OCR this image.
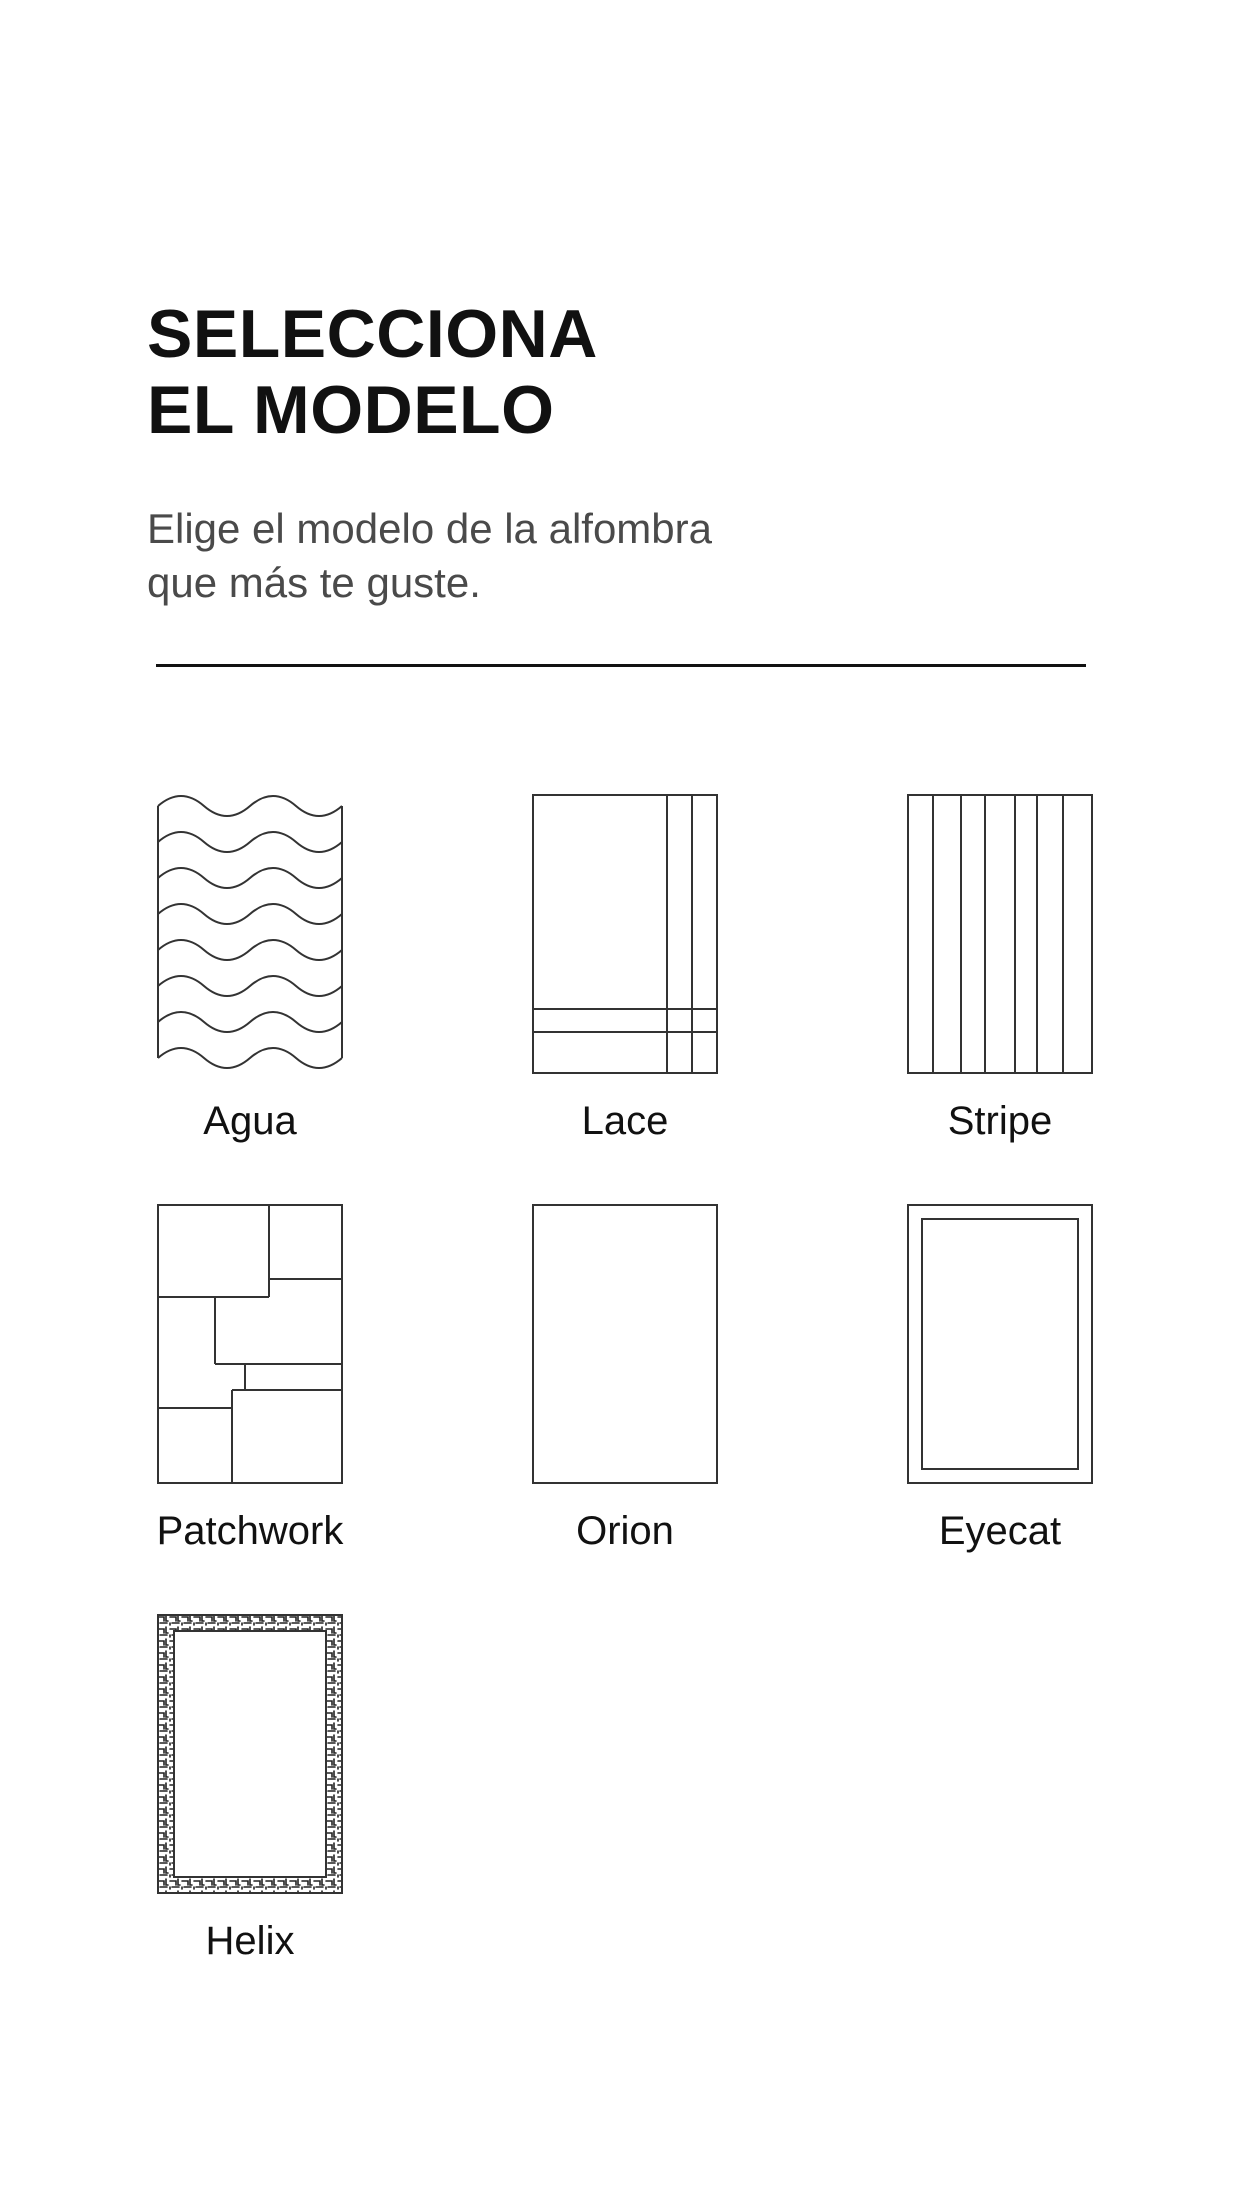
SELECCIONA
EL MODELO

Elige el modelo de la alfombra
que más te guste.

Agua	Lace	Stripe
Patchwork	Orion	Eyecat
Helix
